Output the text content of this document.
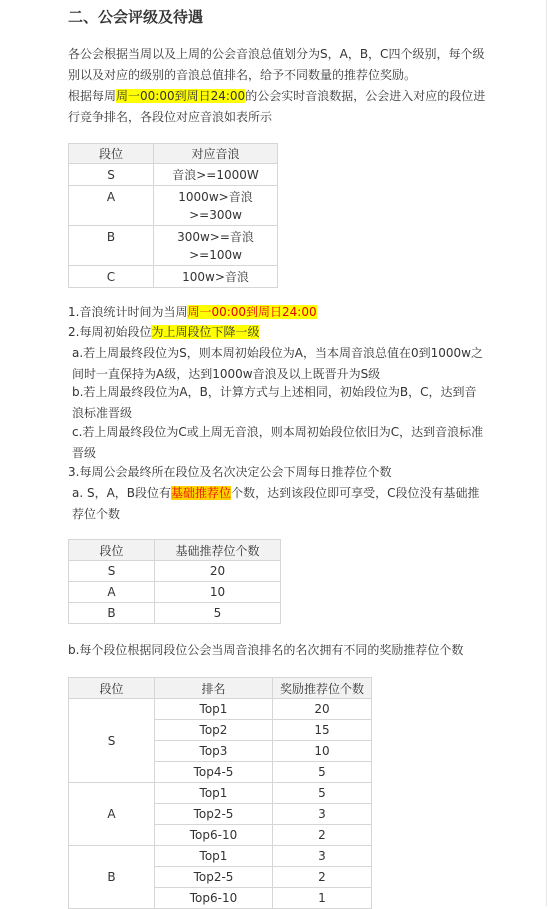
二、公会评级及待遇

各公会根据当周以及上周的公会音浪总值划分为S，A，B，C四个级别，每个级别以及对应的级别的音浪总值排名，给予不同数量的推荐位奖励。

根据每周周一00:00到周日24:00的公会实时音浪数据，公会进入对应的段位进行竞争排名，各段位对应音浪如表所示

段位	对应音浪
S	音浪>=1000W
A	1000w>音浪>=300w
B	300w>=音浪>=100w
C	100w>音浪

1.音浪统计时间为当周周一00:00到周日24:00

2.每周初始段位为上周段位下降一级

a.若上周最终段位为S，则本周初始段位为A，当本周音浪总值在0到1000w之间时一直保持为A级，达到1000w音浪及以上既晋升为S级

b.若上周最终段位为A，B，计算方式与上述相同，初始段位为B，C，达到音浪标准晋级

c.若上周最终段位为C或上周无音浪，则本周初始段位依旧为C，达到音浪标准晋级

3.每周公会最终所在段位及名次决定公会下周每日推荐位个数

a. S，A，B段位有基础推荐位个数，达到该段位即可享受，C段位没有基础推荐位个数

段位	基础推荐位个数
S	20
A	10
B	5

b.每个段位根据同段位公会当周音浪排名的名次拥有不同的奖励推荐位个数

段位	排名	奖励推荐位个数
S	Top1	20
	Top2	15
	Top3	10
	Top4-5	5
A	Top1	5
	Top2-5	3
	Top6-10	2
B	Top1	3
	Top2-5	2
	Top6-10	1
